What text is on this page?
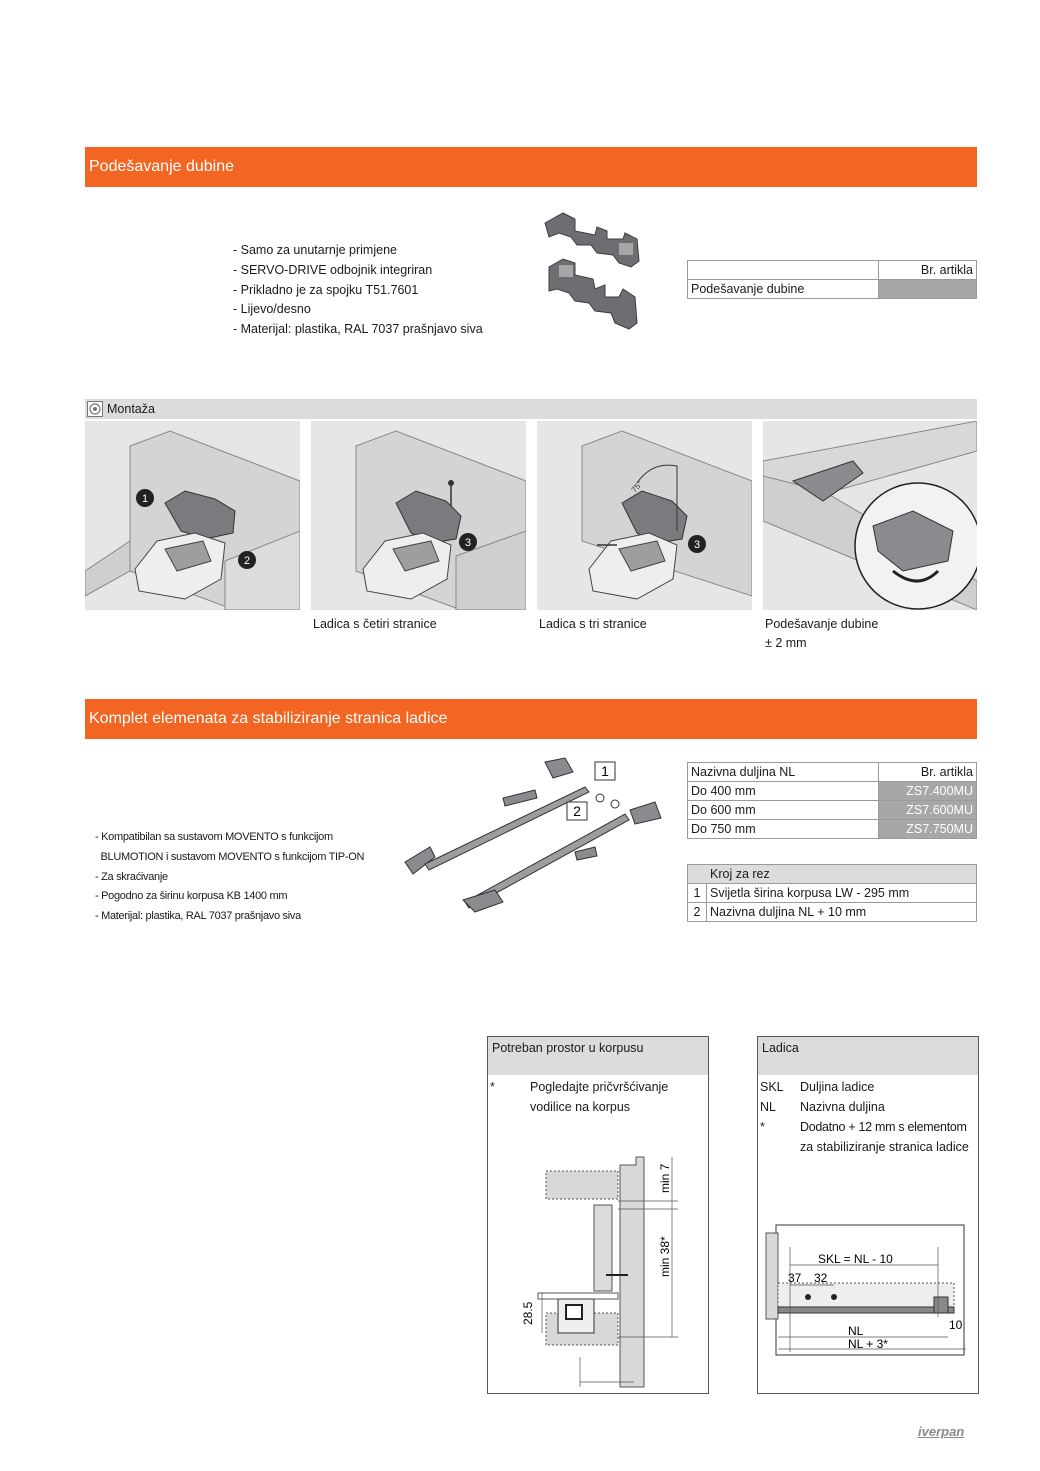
Podešavanje dubine
- Samo za unutarnje primjene
- SERVO-DRIVE odbojnik integriran
- Prikladno je za spojku T51.7601
- Lijevo/desno
- Materijal: plastika, RAL 7037 prašnjavo siva
	Br. artikla
Podešavanje dubine	
Montaža
1
2
3
75°
3
Ladica s četiri stranice	Ladica s tri stranice	Podešavanje dubine
± 2 mm
Komplet elemenata za stabiliziranje stranica ladice
- Kompatibilan sa sustavom MOVENTO s funkcijom
BLUMOTION i sustavom MOVENTO s funkcijom TIP-ON
- Za skraćivanje
- Pogodno za širinu korpusa KB 1400 mm
- Materijal: plastika, RAL 7037 prašnjavo siva
1
2
Nazivna duljina NL	Br. artikla
Do 400 mm	ZS7.400MU
Do 600 mm	ZS7.600MU
Do 750 mm	ZS7.750MU
Kroj za rez	
1	Svijetla širina korpusa LW - 295 mm
2	Nazivna duljina NL + 10 mm
Potreban prostor u korpusu
*	Pogledajte pričvršćivanje
vodilice na korpus
min 7
min 38*
28.5
Ladica
SKL Duljina ladice
NL Nazivna duljina
*	Dodatno + 12 mm s elementom
za stabiliziranje stranica ladice
SKL = NL - 10
37 32
10
NL
NL + 3*
iverpan
